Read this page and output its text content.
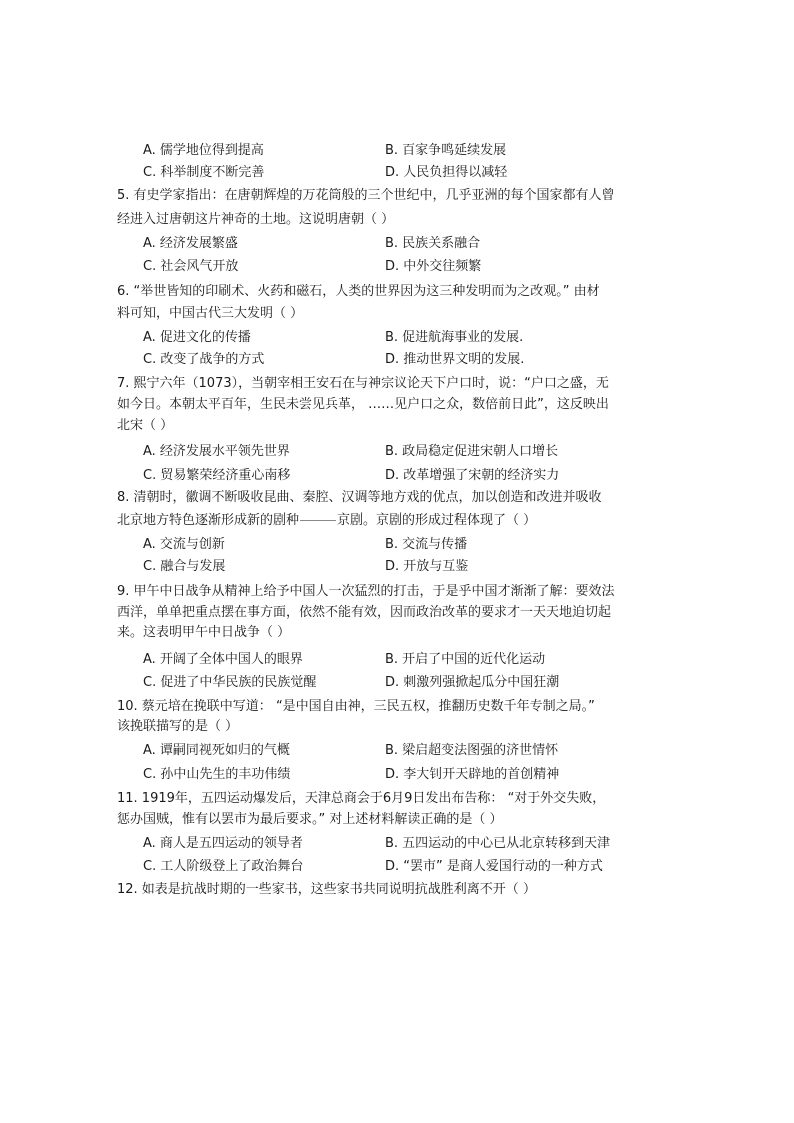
A. 儒学地位得到提高	B. 百家争鸣延续发展
C. 科举制度不断完善	D. 人民负担得以减轻
5. 有史学家指出：在唐朝辉煌的万花筒般的三个世纪中，几乎亚洲的每个国家都有人曾
经进入过唐朝这片神奇的土地。这说明唐朝（ ）
A. 经济发展繁盛	B. 民族关系融合
C. 社会风气开放	D. 中外交往频繁
6. “举世皆知的印刷术、火药和磁石，人类的世界因为这三种发明而为之改观。” 由材
料可知，中国古代三大发明（ ）
A. 促进文化的传播	B. 促进航海事业的发展.
C. 改变了战争的方式	D. 推动世界文明的发展.
7. 熙宁六年（1073），当朝宰相王安石在与神宗议论天下户口时，说：“户口之盛，无
如今日。本朝太平百年，生民未尝见兵革， ……见户口之众，数倍前日此”，这反映出
北宋（ ）
A. 经济发展水平领先世界	B. 政局稳定促进宋朝人口增长
C. 贸易繁荣经济重心南移	D. 改革增强了宋朝的经济实力
8. 清朝时，徽调不断吸收昆曲、秦腔、汉调等地方戏的优点，加以创造和改进并吸收
北京地方特色逐渐形成新的剧种	京剧。京剧的形成过程体现了（ ）
A. 交流与创新	B. 交流与传播
C. 融合与发展	D. 开放与互鉴
9. 甲午中日战争从精神上给予中国人一次猛烈的打击，于是乎中国才渐渐了解：要效法
西洋，单单把重点摆在事方面，依然不能有效，因而政治改革的要求才一天天地迫切起
来。这表明甲午中日战争（ ）
A. 开阔了全体中国人的眼界	B. 开启了中国的近代化运动
C. 促进了中华民族的民族觉醒	D. 刺激列强掀起瓜分中国狂潮
10. 蔡元培在挽联中写道： “是中国自由神，三民五权，推翻历史数千年专制之局。”
该挽联描写的是（ ）
A. 谭嗣同视死如归的气概	B. 梁启超变法图强的济世情怀
C. 孙中山先生的丰功伟绩	D. 李大钊开天辟地的首创精神
11. 1919年，五四运动爆发后，天津总商会于6月9日发出布告称： “对于外交失败，
惩办国贼，惟有以罢市为最后要求。” 对上述材料解读正确的是（ ）
A. 商人是五四运动的领导者	B. 五四运动的中心已从北京转移到天津
C. 工人阶级登上了政治舞台	D. “罢市” 是商人爱国行动的一种方式
12. 如表是抗战时期的一些家书，这些家书共同说明抗战胜利离不开（ ）
